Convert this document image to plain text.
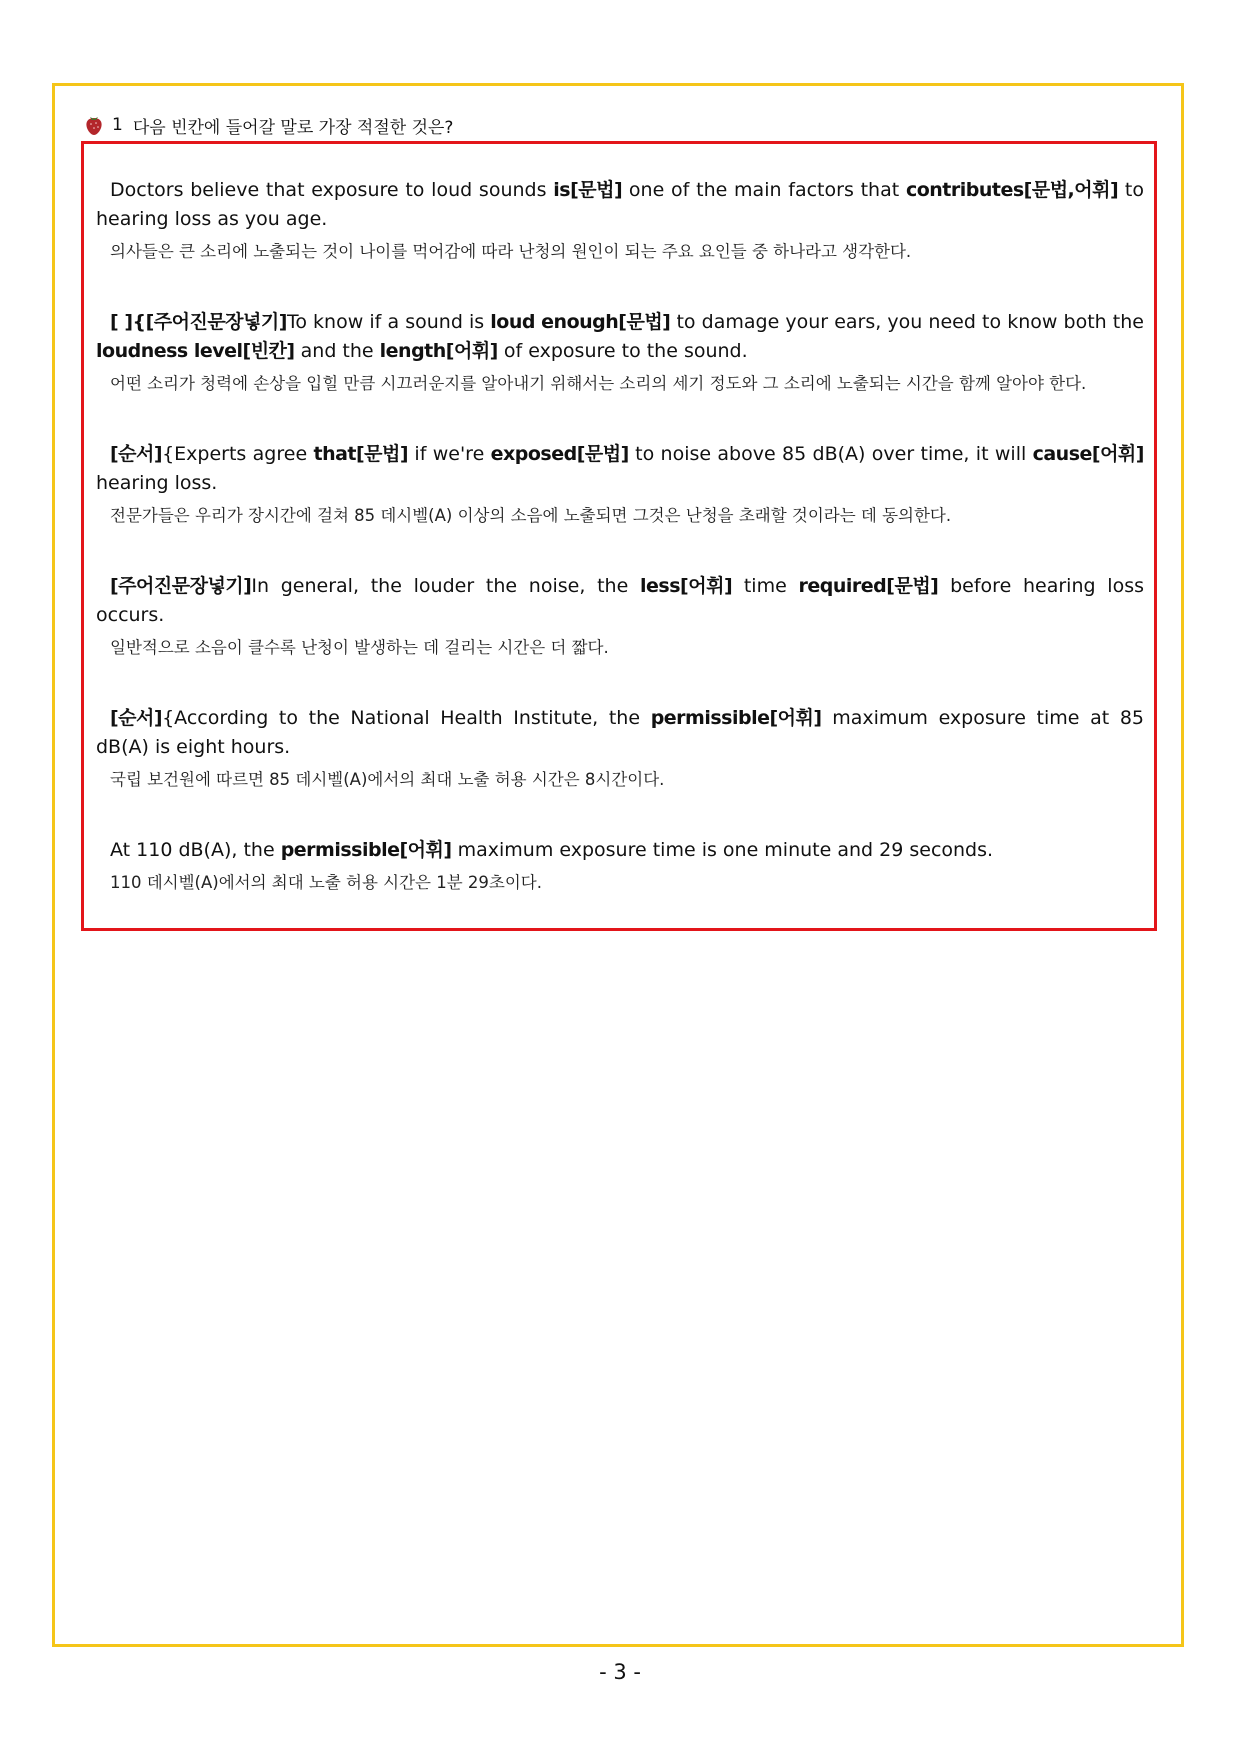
1 다음 빈칸에 들어갈 말로 가장 적절한 것은?

Doctors believe that exposure to loud sounds is[문법] one of the main factors that contributes[문법,어휘] to hearing loss as you age.

의사들은 큰 소리에 노출되는 것이 나이를 먹어감에 따라 난청의 원인이 되는 주요 요인들 중 하나라고 생각한다.

[ ]{[주어진문장넣기]To know if a sound is loud enough[문법] to damage your ears, you need to know both the loudness level[빈칸] and the length[어휘] of exposure to the sound.

어떤 소리가 청력에 손상을 입힐 만큼 시끄러운지를 알아내기 위해서는 소리의 세기 정도와 그 소리에 노출되는 시간을 함께 알아야 한다.

[순서]{Experts agree that[문법] if we're exposed[문법] to noise above 85 dB(A) over time, it will cause[어휘] hearing loss.

전문가들은 우리가 장시간에 걸쳐 85 데시벨(A) 이상의 소음에 노출되면 그것은 난청을 초래할 것이라는 데 동의한다.

[주어진문장넣기]In general, the louder the noise, the less[어휘] time required[문법] before hearing loss occurs.

일반적으로 소음이 클수록 난청이 발생하는 데 걸리는 시간은 더 짧다.

[순서]{According to the National Health Institute, the permissible[어휘] maximum exposure time at 85 dB(A) is eight hours.

국립 보건원에 따르면 85 데시벨(A)에서의 최대 노출 허용 시간은 8시간이다.

At 110 dB(A), the permissible[어휘] maximum exposure time is one minute and 29 seconds.

110 데시벨(A)에서의 최대 노출 허용 시간은 1분 29초이다.

- 3 -
